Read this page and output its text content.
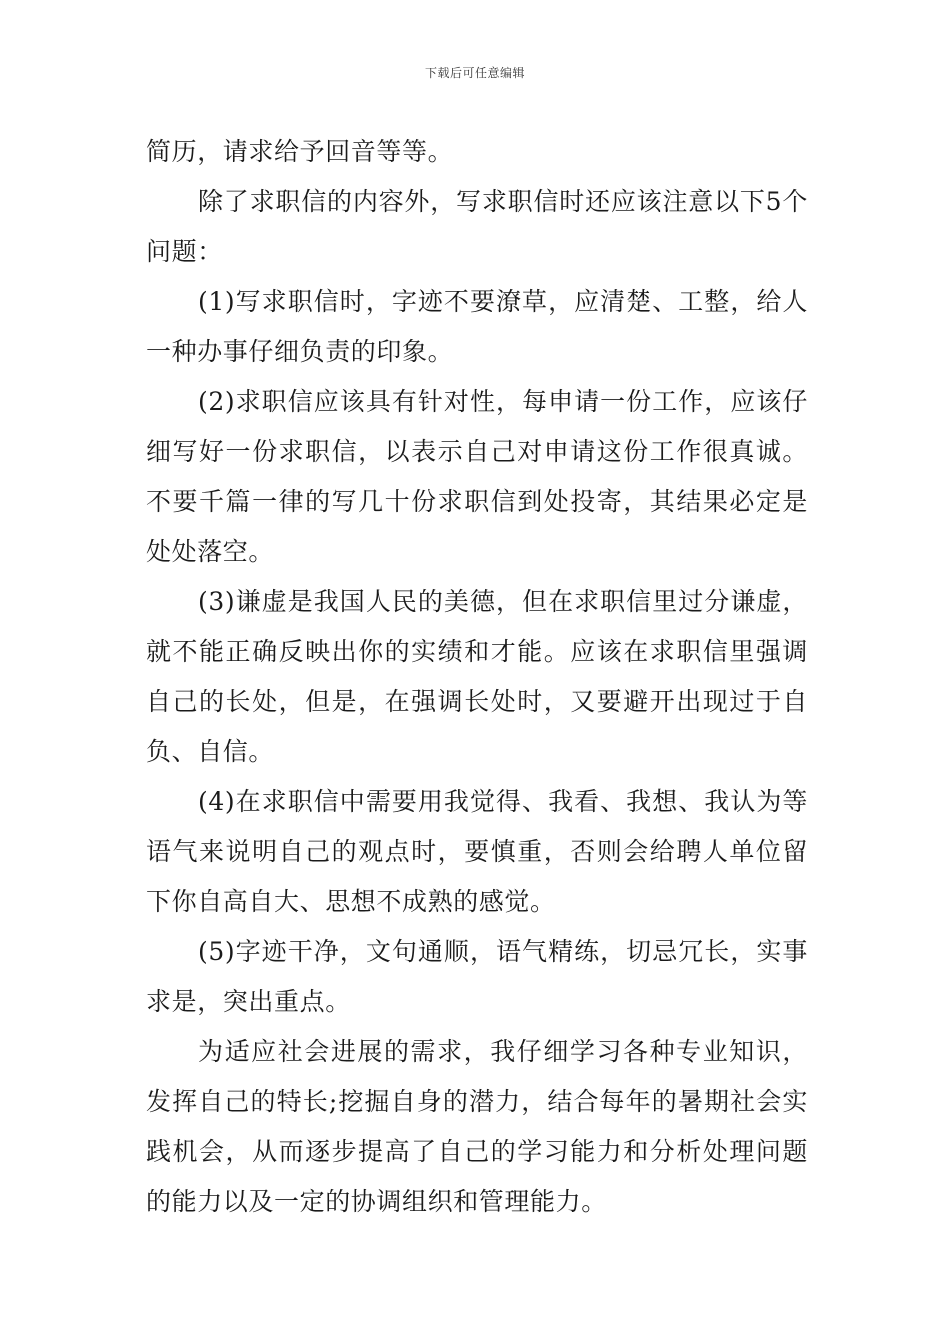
下载后可任意编辑

简历，请求给予回音等等。

除了求职信的内容外，写求职信时还应该注意以下5个问题：

(1)写求职信时，字迹不要潦草，应清楚、工整，给人一种办事仔细负责的印象。

(2)求职信应该具有针对性，每申请一份工作，应该仔细写好一份求职信，以表示自己对申请这份工作很真诚。不要千篇一律的写几十份求职信到处投寄，其结果必定是处处落空。

(3)谦虚是我国人民的美德，但在求职信里过分谦虚，就不能正确反映出你的实绩和才能。应该在求职信里强调自己的长处，但是，在强调长处时，又要避开出现过于自负、自信。

(4)在求职信中需要用我觉得、我看、我想、我认为等语气来说明自己的观点时，要慎重，否则会给聘人单位留下你自高自大、思想不成熟的感觉。

(5)字迹干净，文句通顺，语气精练，切忌冗长，实事求是，突出重点。

为适应社会进展的需求，我仔细学习各种专业知识，发挥自己的特长;挖掘自身的潜力，结合每年的暑期社会实践机会，从而逐步提高了自己的学习能力和分析处理问题的能力以及一定的协调组织和管理能力。
